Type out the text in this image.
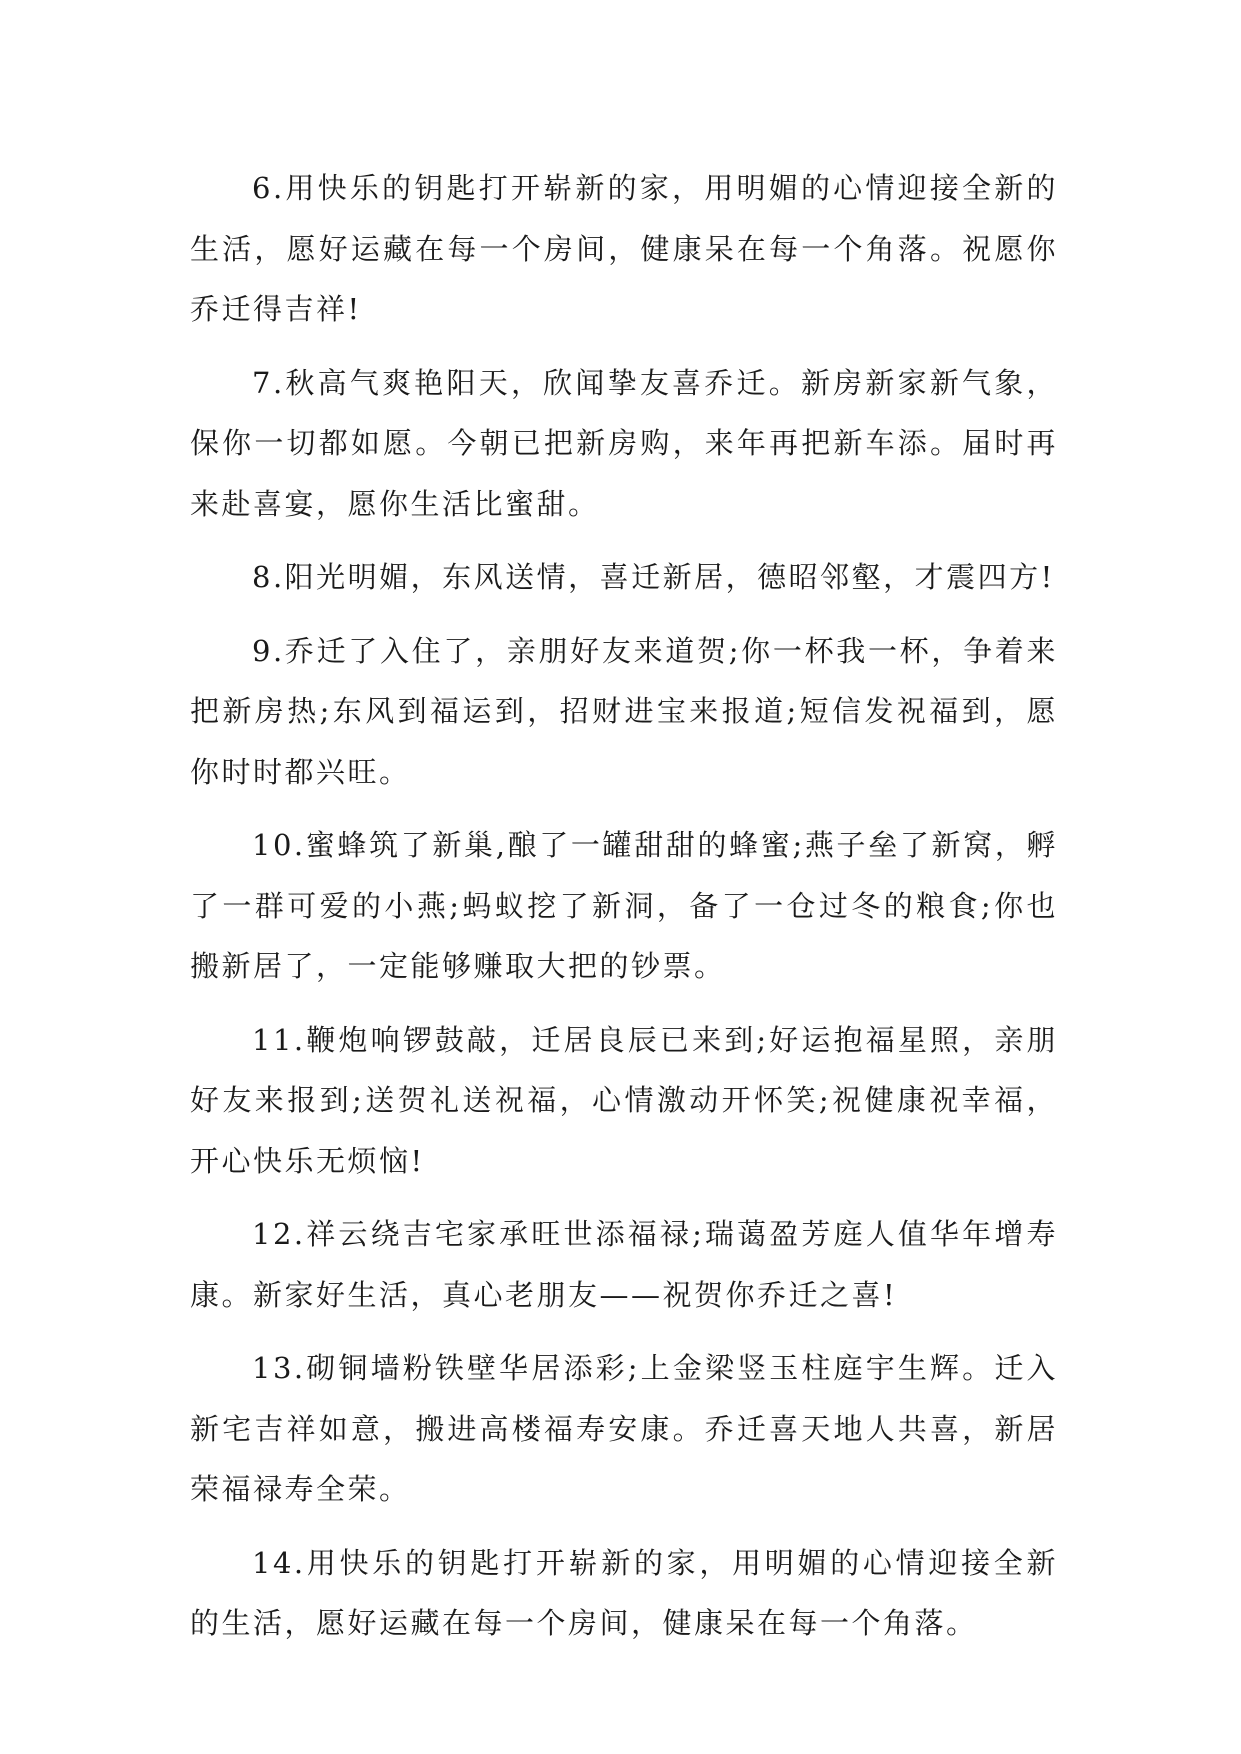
6.用快乐的钥匙打开崭新的家，用明媚的心情迎接全新的生活，愿好运藏在每一个房间，健康呆在每一个角落。祝愿你乔迁得吉祥!

7.秋高气爽艳阳天，欣闻挚友喜乔迁。新房新家新气象，保你一切都如愿。今朝已把新房购，来年再把新车添。届时再来赴喜宴，愿你生活比蜜甜。

8.阳光明媚，东风送情，喜迁新居，德昭邻壑，才震四方!

9.乔迁了入住了，亲朋好友来道贺;你一杯我一杯，争着来把新房热;东风到福运到，招财进宝来报道;短信发祝福到，愿你时时都兴旺。

10.蜜蜂筑了新巢,酿了一罐甜甜的蜂蜜;燕子垒了新窝，孵了一群可爱的小燕;蚂蚁挖了新洞，备了一仓过冬的粮食;你也搬新居了，一定能够赚取大把的钞票。

11.鞭炮响锣鼓敲，迁居良辰已来到;好运抱福星照，亲朋好友来报到;送贺礼送祝福，心情激动开怀笑;祝健康祝幸福，开心快乐无烦恼!

12.祥云绕吉宅家承旺世添福禄;瑞蔼盈芳庭人值华年增寿康。新家好生活，真心老朋友——祝贺你乔迁之喜!

13.砌铜墙粉铁壁华居添彩;上金梁竖玉柱庭宇生辉。迁入新宅吉祥如意，搬进高楼福寿安康。乔迁喜天地人共喜，新居荣福禄寿全荣。

14.用快乐的钥匙打开崭新的家，用明媚的心情迎接全新的生活，愿好运藏在每一个房间，健康呆在每一个角落。
